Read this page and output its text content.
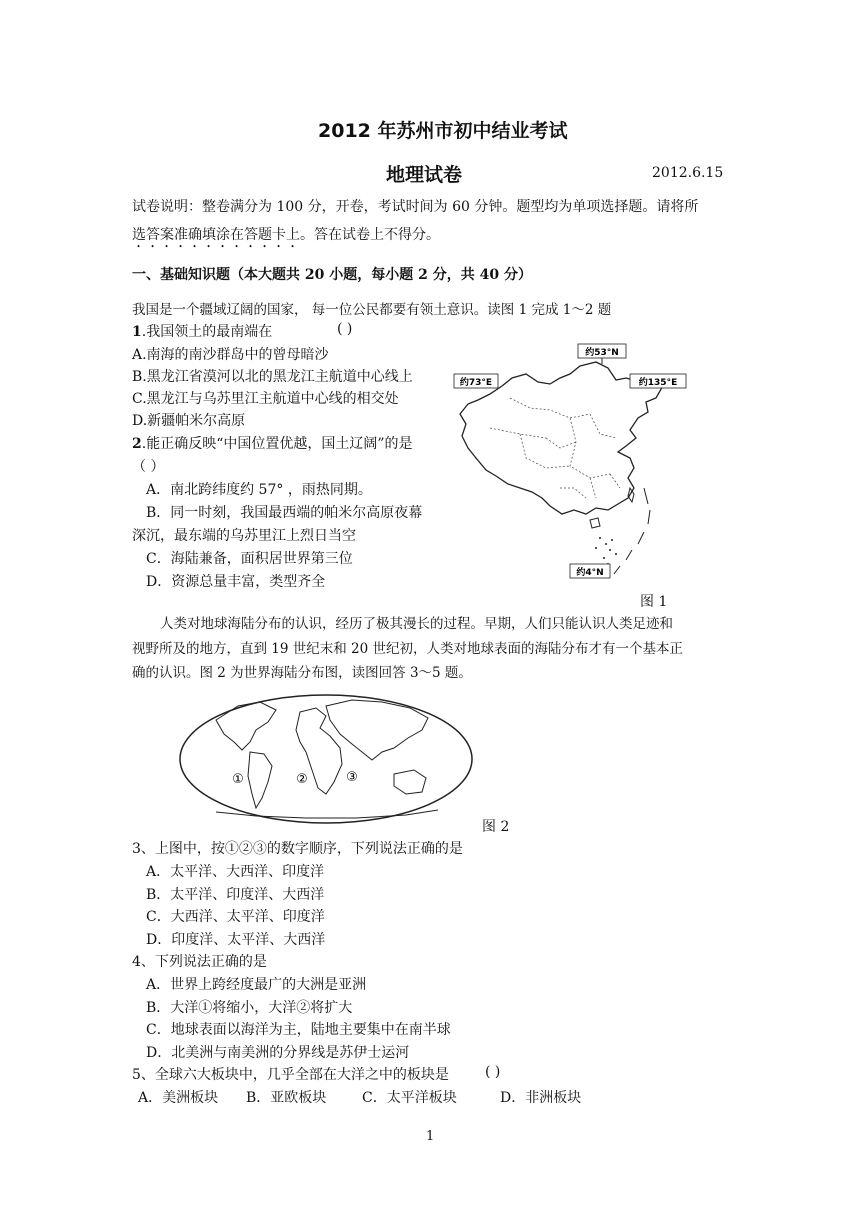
2012 年苏州市初中结业考试
地理试卷	2012.6.15
试卷说明：整卷满分为 100 分，开卷，考试时间为 60 分钟。题型均为单项选择题。请将所
选答案准确填涂在答题卡上。答在试卷上不得分。
一、基础知识题（本大题共 20 小题，每小题 2 分，共 40 分）
我国是一个疆域辽阔的国家， 每一位公民都要有领土意识。读图 1 完成 1～2 题
1.我国领土的最南端在	( )
A.南海的南沙群岛中的曾母暗沙
B.黑龙江省漠河以北的黑龙江主航道中心线上
C.黑龙江与乌苏里江主航道中心线的相交处
D.新疆帕米尔高原
2.能正确反映“中国位置优越，国土辽阔”的是
（ ）
A．南北跨纬度约 57° ，雨热同期。
B．同一时刻，我国最西端的帕米尔高原夜幕
深沉，最东端的乌苏里江上烈日当空
C．海陆兼备，面积居世界第三位
D．资源总量丰富，类型齐全
约53°N
约73°E	约135°E
约4°N
图 1
人类对地球海陆分布的认识，经历了极其漫长的过程。早期，人们只能认识人类足迹和
视野所及的地方，直到 19 世纪末和 20 世纪初，人类对地球表面的海陆分布才有一个基本正
确的认识。图 2 为世界海陆分布图，读图回答 3～5 题。
①	②	③
图 2
3、上图中，按①②③的数字顺序，下列说法正确的是
A．太平洋、大西洋、印度洋
B．太平洋、印度洋、大西洋
C．大西洋、太平洋、印度洋
D．印度洋、太平洋、大西洋
4、下列说法正确的是
A．世界上跨经度最广的大洲是亚洲
B．大洋①将缩小，大洋②将扩大
C．地球表面以海洋为主，陆地主要集中在南半球
D．北美洲与南美洲的分界线是苏伊士运河
5、全球六大板块中，几乎全部在大洋之中的板块是	( )
A．美洲板块 B．亚欧板块	C．太平洋板块	D．非洲板块
1
